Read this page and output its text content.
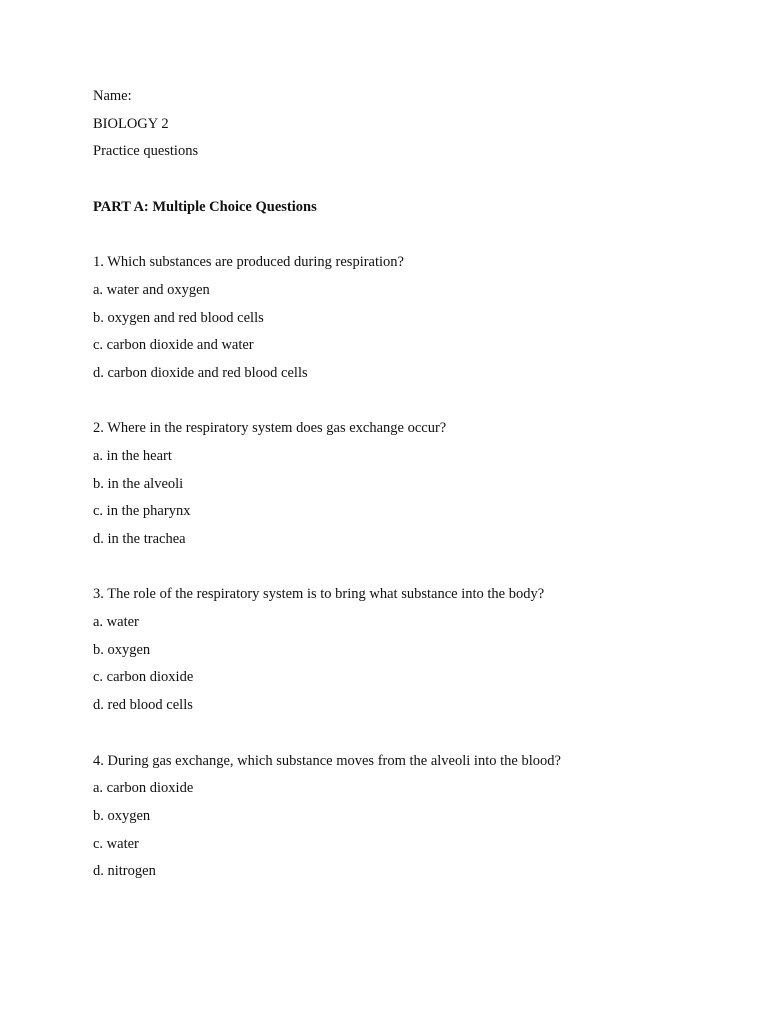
Name:
BIOLOGY 2
Practice questions
PART A: Multiple Choice Questions
1. Which substances are produced during respiration?
a. water and oxygen
b. oxygen and red blood cells
c. carbon dioxide and water
d. carbon dioxide and red blood cells
2. Where in the respiratory system does gas exchange occur?
a. in the heart
b. in the alveoli
c. in the pharynx
d. in the trachea
3. The role of the respiratory system is to bring what substance into the body?
a. water
b. oxygen
c. carbon dioxide
d. red blood cells
4. During gas exchange, which substance moves from the alveoli into the blood?
a. carbon dioxide
b. oxygen
c. water
d. nitrogen
